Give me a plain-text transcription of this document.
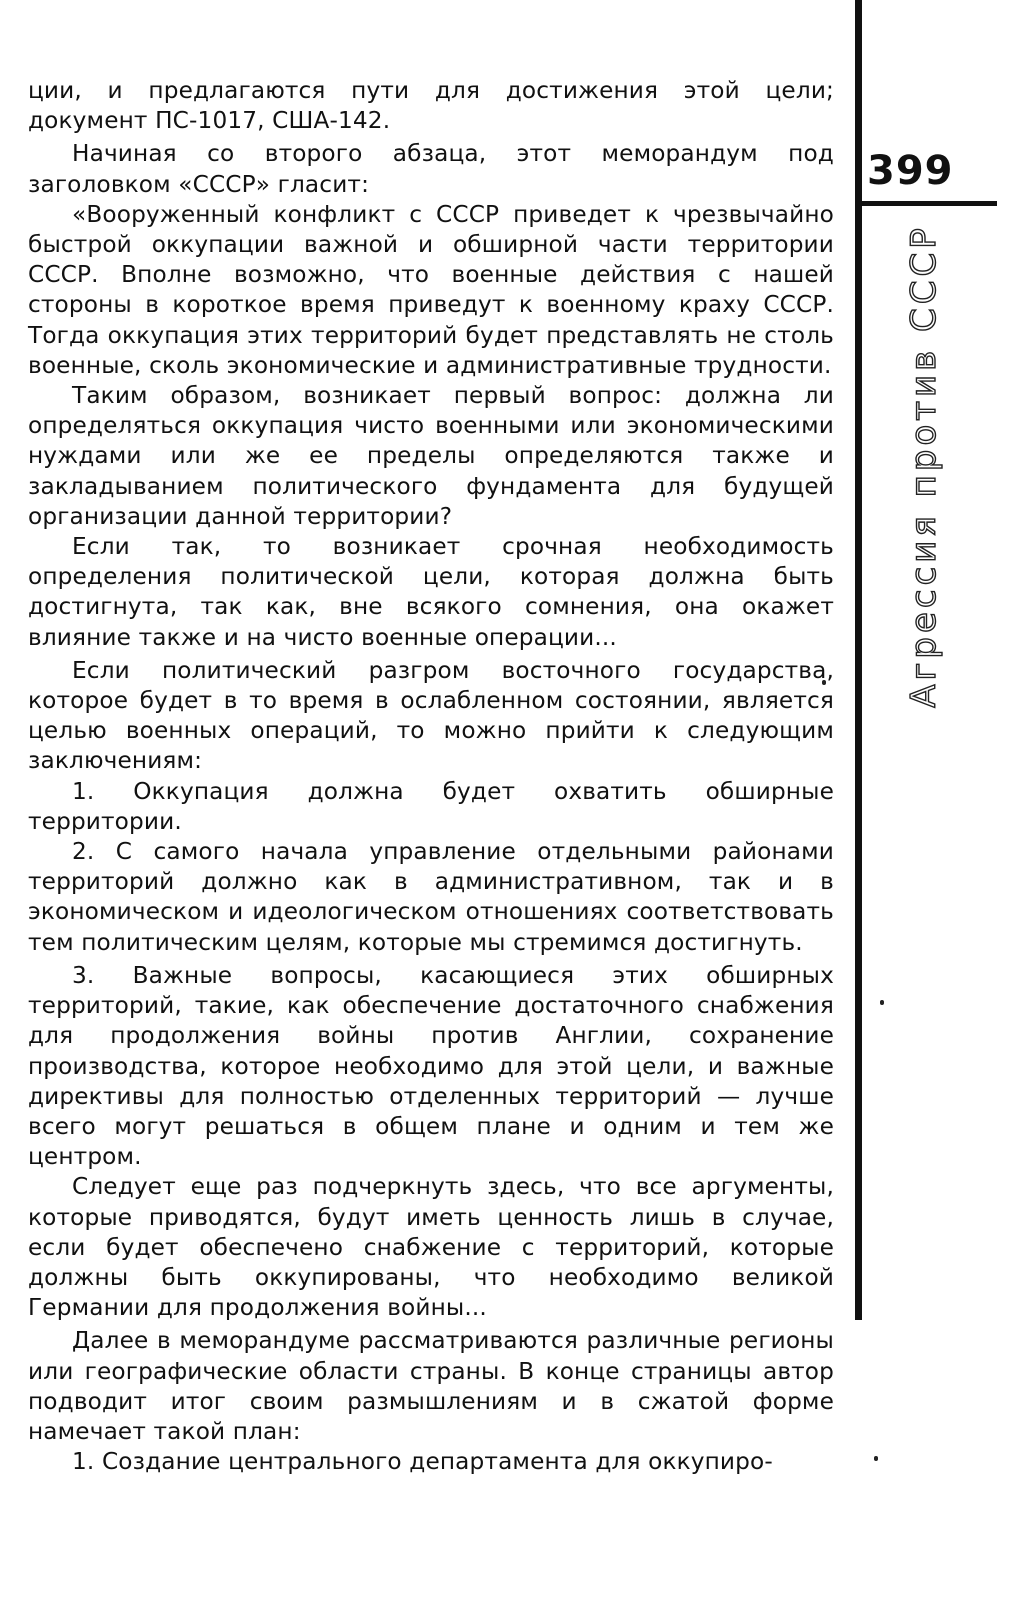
399
Агрессия против СССР

ции, и предлагаются пути для достижения этой цели; документ ПС-1017, США-142.

Начиная со второго абзаца, этот меморандум под заголовком «СССР» гласит:

«Вооруженный конфликт с СССР приведет к чрезвычайно быстрой оккупации важной и обширной части территории СССР. Вполне возможно, что военные действия с нашей стороны в короткое время приведут к военному краху СССР. Тогда оккупация этих территорий будет представлять не столь военные, сколь экономические и административные трудности.

Таким образом, возникает первый вопрос: должна ли определяться оккупация чисто военными или экономическими нуждами или же ее пределы определяются также и закладыванием политического фундамента для будущей организации данной территории?

Если так, то возникает срочная необходимость определения политической цели, которая должна быть достигнута, так как, вне всякого сомнения, она окажет влияние также и на чисто военные операции...

Если политический разгром восточного государства, которое будет в то время в ослабленном состоянии, является целью военных операций, то можно прийти к следующим заключениям:

1. Оккупация должна будет охватить обширные территории.

2. С самого начала управление отдельными районами территорий должно как в административном, так и в экономическом и идеологическом отношениях соответствовать тем политическим целям, которые мы стремимся достигнуть.

3. Важные вопросы, касающиеся этих обширных территорий, такие, как обеспечение достаточного снабжения для продолжения войны против Англии, сохранение производства, которое необходимо для этой цели, и важные директивы для полностью отделенных территорий — лучше всего могут решаться в общем плане и одним и тем же центром.

Следует еще раз подчеркнуть здесь, что все аргументы, которые приводятся, будут иметь ценность лишь в случае, если будет обеспечено снабжение с территорий, которые должны быть оккупированы, что необходимо великой Германии для продолжения войны...

Далее в меморандуме рассматриваются различные регионы или географические области страны. В конце страницы автор подводит итог своим размышлениям и в сжатой форме намечает такой план:

1. Создание центрального департамента для оккупиро-
